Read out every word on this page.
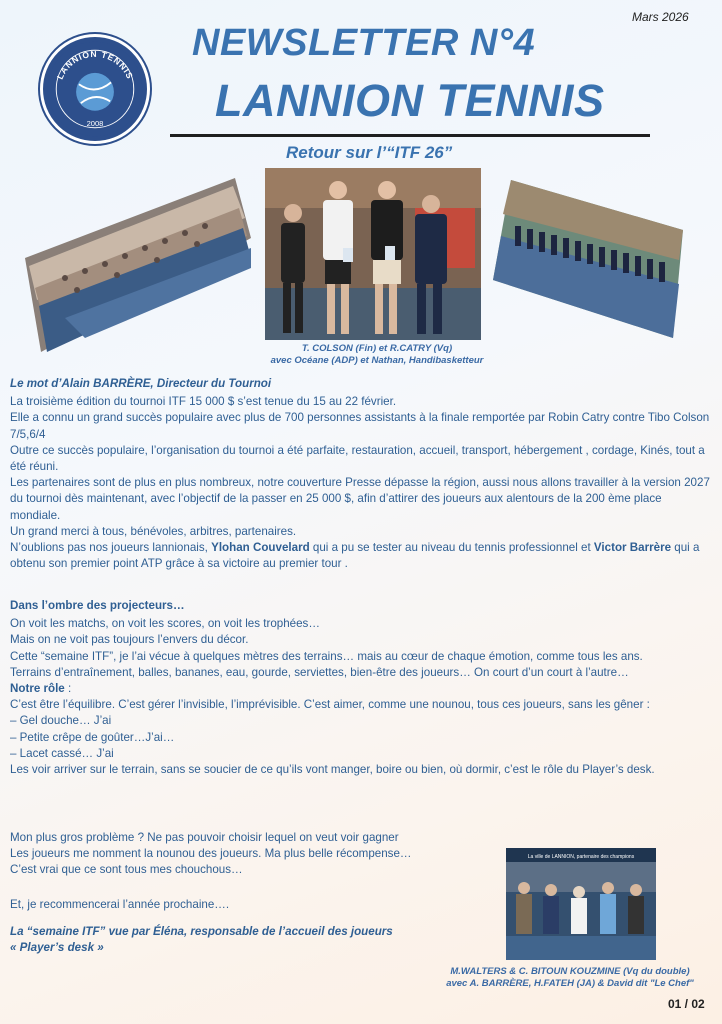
Mars 2026
LANNION TENNIS
2008
NEWSLETTER N°4
LANNION TENNIS
Retour sur l’“ITF 26”
T. COLSON (Fin) et R.CATRY (Vq)
avec Océane (ADP) et Nathan, Handibasketteur

Le mot d’Alain BARRÈRE, Directeur du Tournoi

La troisième édition du tournoi ITF 15 000 $ s’est tenue du 15 au 22 février.

Elle a connu un grand succès populaire avec plus de 700 personnes assistants à la finale remportée par Robin Catry contre Tibo Colson 7/5,6/4

Outre ce succès populaire, l’organisation du tournoi a été parfaite, restauration, accueil, transport, hébergement , cordage, Kinés, tout a été réuni.

Les partenaires sont de plus en plus nombreux, notre couverture Presse dépasse la région, aussi nous allons travailler à la version 2027 du tournoi dès maintenant, avec l’objectif de la passer en 25 000 $, afin d’attirer des joueurs aux alentours de la 200 ème place mondiale.

Un grand merci à tous, bénévoles, arbitres, partenaires.

N’oublions pas nos joueurs lannionais, Ylohan Couvelard qui a pu se tester au niveau du tennis professionnel et Victor Barrère qui a obtenu son premier point ATP grâce à sa victoire au premier tour .

Dans l’ombre des projecteurs…

On voit les matchs, on voit les scores, on voit les trophées…

Mais on ne voit pas toujours l’envers du décor.

Cette “semaine ITF”, je l’ai vécue à quelques mètres des terrains… mais au cœur de chaque émotion, comme tous les ans.

Terrains d’entraînement, balles, bananes, eau, gourde, serviettes, bien-être des joueurs… On court d’un court à l’autre…

Notre rôle :

C’est être l’équilibre. C’est gérer l’invisible, l’imprévisible. C’est aimer, comme une nounou, tous ces joueurs, sans les gêner :

– Gel douche… J’ai

– Petite crêpe de goûter…J’ai…

– Lacet cassé… J’ai

Les voir arriver sur le terrain, sans se soucier de ce qu’ils vont manger, boire ou bien, où dormir, c’est le rôle du Player’s desk.

Mon plus gros problème ? Ne pas pouvoir choisir lequel on veut voir gagner

Les joueurs me nomment la nounou des joueurs. Ma plus belle récompense…

C’est vrai que ce sont tous mes chouchous…

Et, je recommencerai l’année prochaine….

La “semaine ITF” vue par Éléna, responsable de l’accueil des joueurs

« Player’s desk »

La ville de LANNION, partenaire des champions
M.WALTERS & C. BITOUN KOUZMINE (Vq du double)
avec A. BARRÈRE, H.FATEH (JA) & David dit "Le Chef"
01 / 02
